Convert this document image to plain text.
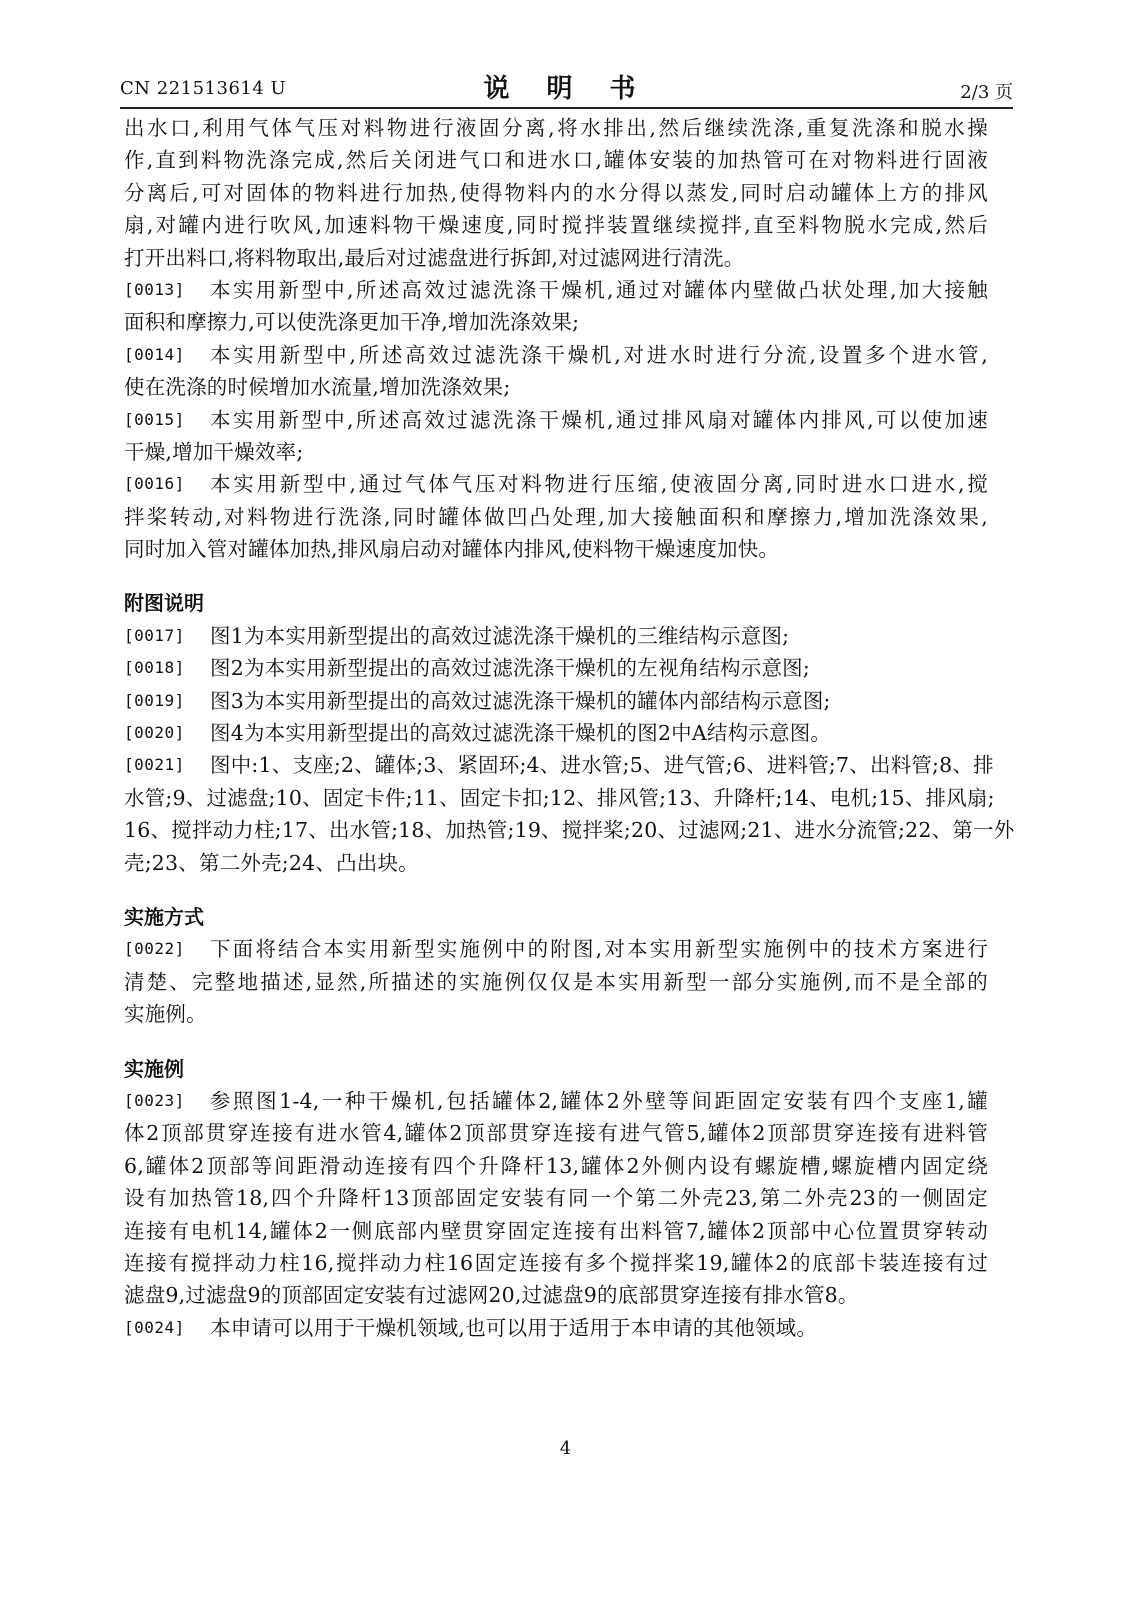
CN 221513614 U	说 明 书	2/3 页
出水口,利用气体气压对料物进行液固分离,将水排出,然后继续洗涤,重复洗涤和脱水操
作,直到料物洗涤完成,然后关闭进气口和进水口,罐体安装的加热管可在对物料进行固液
分离后,可对固体的物料进行加热,使得物料内的水分得以蒸发,同时启动罐体上方的排风
扇,对罐内进行吹风,加速料物干燥速度,同时搅拌装置继续搅拌,直至料物脱水完成,然后
打开出料口,将料物取出,最后对过滤盘进行拆卸,对过滤网进行清洗。
[0013]	本实用新型中,所述高效过滤洗涤干燥机,通过对罐体内壁做凸状处理,加大接触
面积和摩擦力,可以使洗涤更加干净,增加洗涤效果;
[0014]	本实用新型中,所述高效过滤洗涤干燥机,对进水时进行分流,设置多个进水管,
使在洗涤的时候增加水流量,增加洗涤效果;
[0015]	本实用新型中,所述高效过滤洗涤干燥机,通过排风扇对罐体内排风,可以使加速
干燥,增加干燥效率;
[0016]	本实用新型中,通过气体气压对料物进行压缩,使液固分离,同时进水口进水,搅
拌桨转动,对料物进行洗涤,同时罐体做凹凸处理,加大接触面积和摩擦力,增加洗涤效果,
同时加入管对罐体加热,排风扇启动对罐体内排风,使料物干燥速度加快。
附图说明
[0017]	图1为本实用新型提出的高效过滤洗涤干燥机的三维结构示意图;
[0018]	图2为本实用新型提出的高效过滤洗涤干燥机的左视角结构示意图;
[0019]	图3为本实用新型提出的高效过滤洗涤干燥机的罐体内部结构示意图;
[0020]	图4为本实用新型提出的高效过滤洗涤干燥机的图2中A结构示意图。
[0021]	图中:1、支座;2、罐体;3、紧固环;4、进水管;5、进气管;6、进料管;7、出料管;8、排
水管;9、过滤盘;10、固定卡件;11、固定卡扣;12、排风管;13、升降杆;14、电机;15、排风扇;
16、搅拌动力柱;17、出水管;18、加热管;19、搅拌桨;20、过滤网;21、进水分流管;22、第一外
壳;23、第二外壳;24、凸出块。
实施方式
[0022]	下面将结合本实用新型实施例中的附图,对本实用新型实施例中的技术方案进行
清楚、完整地描述,显然,所描述的实施例仅仅是本实用新型一部分实施例,而不是全部的
实施例。
实施例
[0023]	参照图1-4,一种干燥机,包括罐体2,罐体2外壁等间距固定安装有四个支座1,罐
体2顶部贯穿连接有进水管4,罐体2顶部贯穿连接有进气管5,罐体2顶部贯穿连接有进料管
6,罐体2顶部等间距滑动连接有四个升降杆13,罐体2外侧内设有螺旋槽,螺旋槽内固定绕
设有加热管18,四个升降杆13顶部固定安装有同一个第二外壳23,第二外壳23的一侧固定
连接有电机14,罐体2一侧底部内壁贯穿固定连接有出料管7,罐体2顶部中心位置贯穿转动
连接有搅拌动力柱16,搅拌动力柱16固定连接有多个搅拌桨19,罐体2的底部卡装连接有过
滤盘9,过滤盘9的顶部固定安装有过滤网20,过滤盘9的底部贯穿连接有排水管8。
[0024]	本申请可以用于干燥机领域,也可以用于适用于本申请的其他领域。
4
